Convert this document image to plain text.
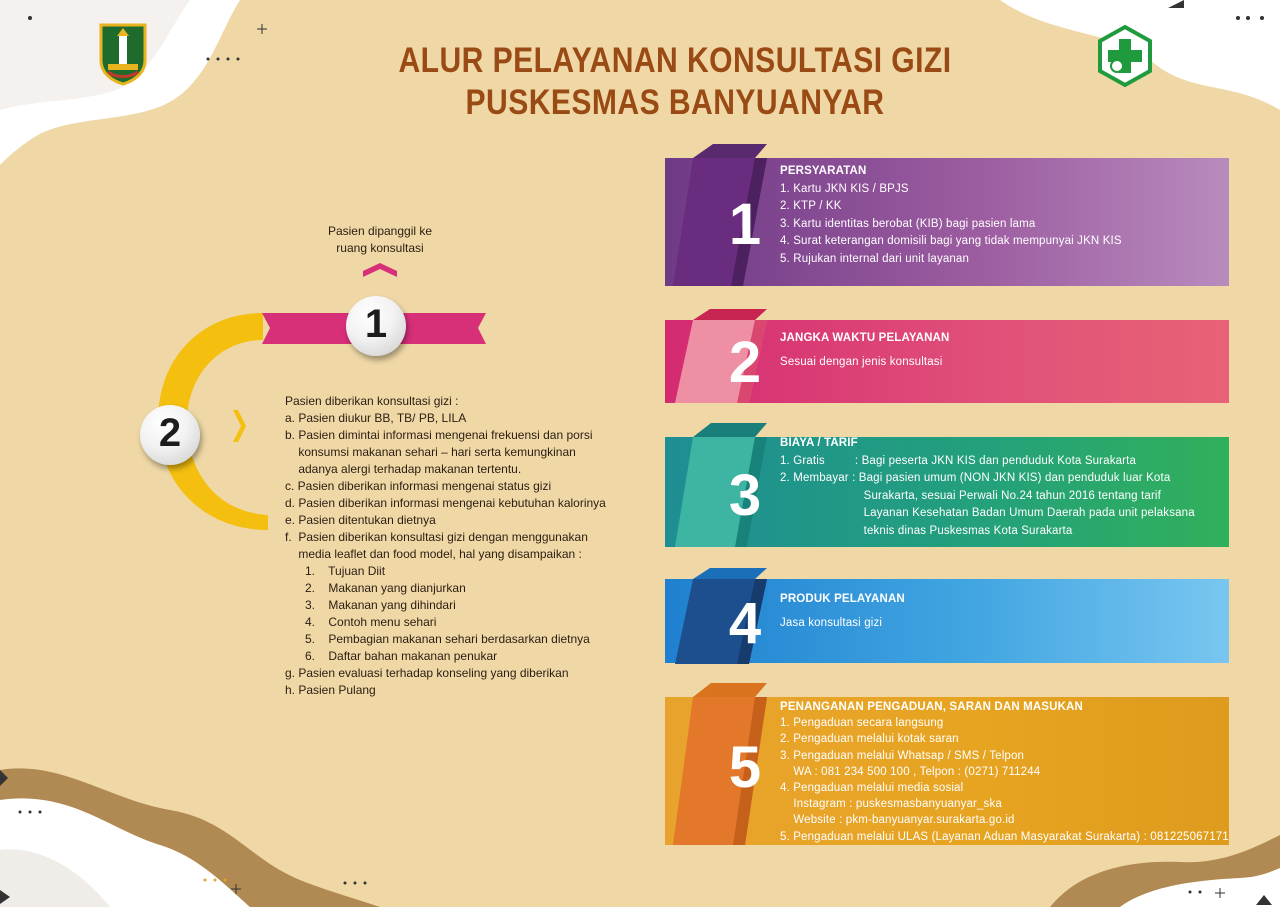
ALUR PELAYANAN KONSULTASI GIZI
PUSKESMAS BANYUANYAR
Pasien dipanggil ke
ruang konsultasi
1
2
Pasien diberikan konsultasi gizi :
a. Pasien diukur BB, TB/ PB, LILA
b. Pasien dimintai informasi mengenai frekuensi dan porsi
konsumsi makanan sehari – hari serta kemungkinan
adanya alergi terhadap makanan tertentu.
c. Pasien diberikan informasi mengenai status gizi
d. Pasien diberikan informasi mengenai kebutuhan kalorinya
e. Pasien ditentukan dietnya
f.  Pasien diberikan konsultasi gizi dengan menggunakan
media leaflet dan food model, hal yang disampaikan :
1.    Tujuan Diit
2.    Makanan yang dianjurkan
3.    Makanan yang dihindari
4.    Contoh menu sehari
5.    Pembagian makanan sehari berdasarkan dietnya
6.    Daftar bahan makanan penukar
g. Pasien evaluasi terhadap konseling yang diberikan
h. Pasien Pulang
1
PERSYARATAN
1. Kartu JKN KIS / BPJS
2. KTP / KK
3. Kartu identitas berobat (KIB) bagi pasien lama
4. Surat keterangan domisili bagi yang tidak mempunyai JKN KIS
5. Rujukan internal dari unit layanan
2	JANGKA WAKTU PELAYANAN
Sesuai dengan jenis konsultasi
3
BIAYA / TARIF
1. Gratis         : Bagi peserta JKN KIS dan penduduk Kota Surakarta
2. Membayar : Bagi pasien umum (NON JKN KIS) dan penduduk luar Kota
Surakarta, sesuai Perwali No.24 tahun 2016 tentang tarif
Layanan Kesehatan Badan Umum Daerah pada unit pelaksana
teknis dinas Puskesmas Kota Surakarta
4	PRODUK PELAYANAN
Jasa konsultasi gizi
5
PENANGANAN PENGADUAN, SARAN DAN MASUKAN
1. Pengaduan secara langsung
2. Pengaduan melalui kotak saran
3. Pengaduan melalui Whatsap / SMS / Telpon
WA : 081 234 500 100 , Telpon : (0271) 711244
4. Pengaduan melalui media sosial
Instagram : puskesmasbanyuanyar_ska
Website : pkm-banyuanyar.surakarta.go.id
5. Pengaduan melalui ULAS (Layanan Aduan Masyarakat Surakarta) : 081225067171
